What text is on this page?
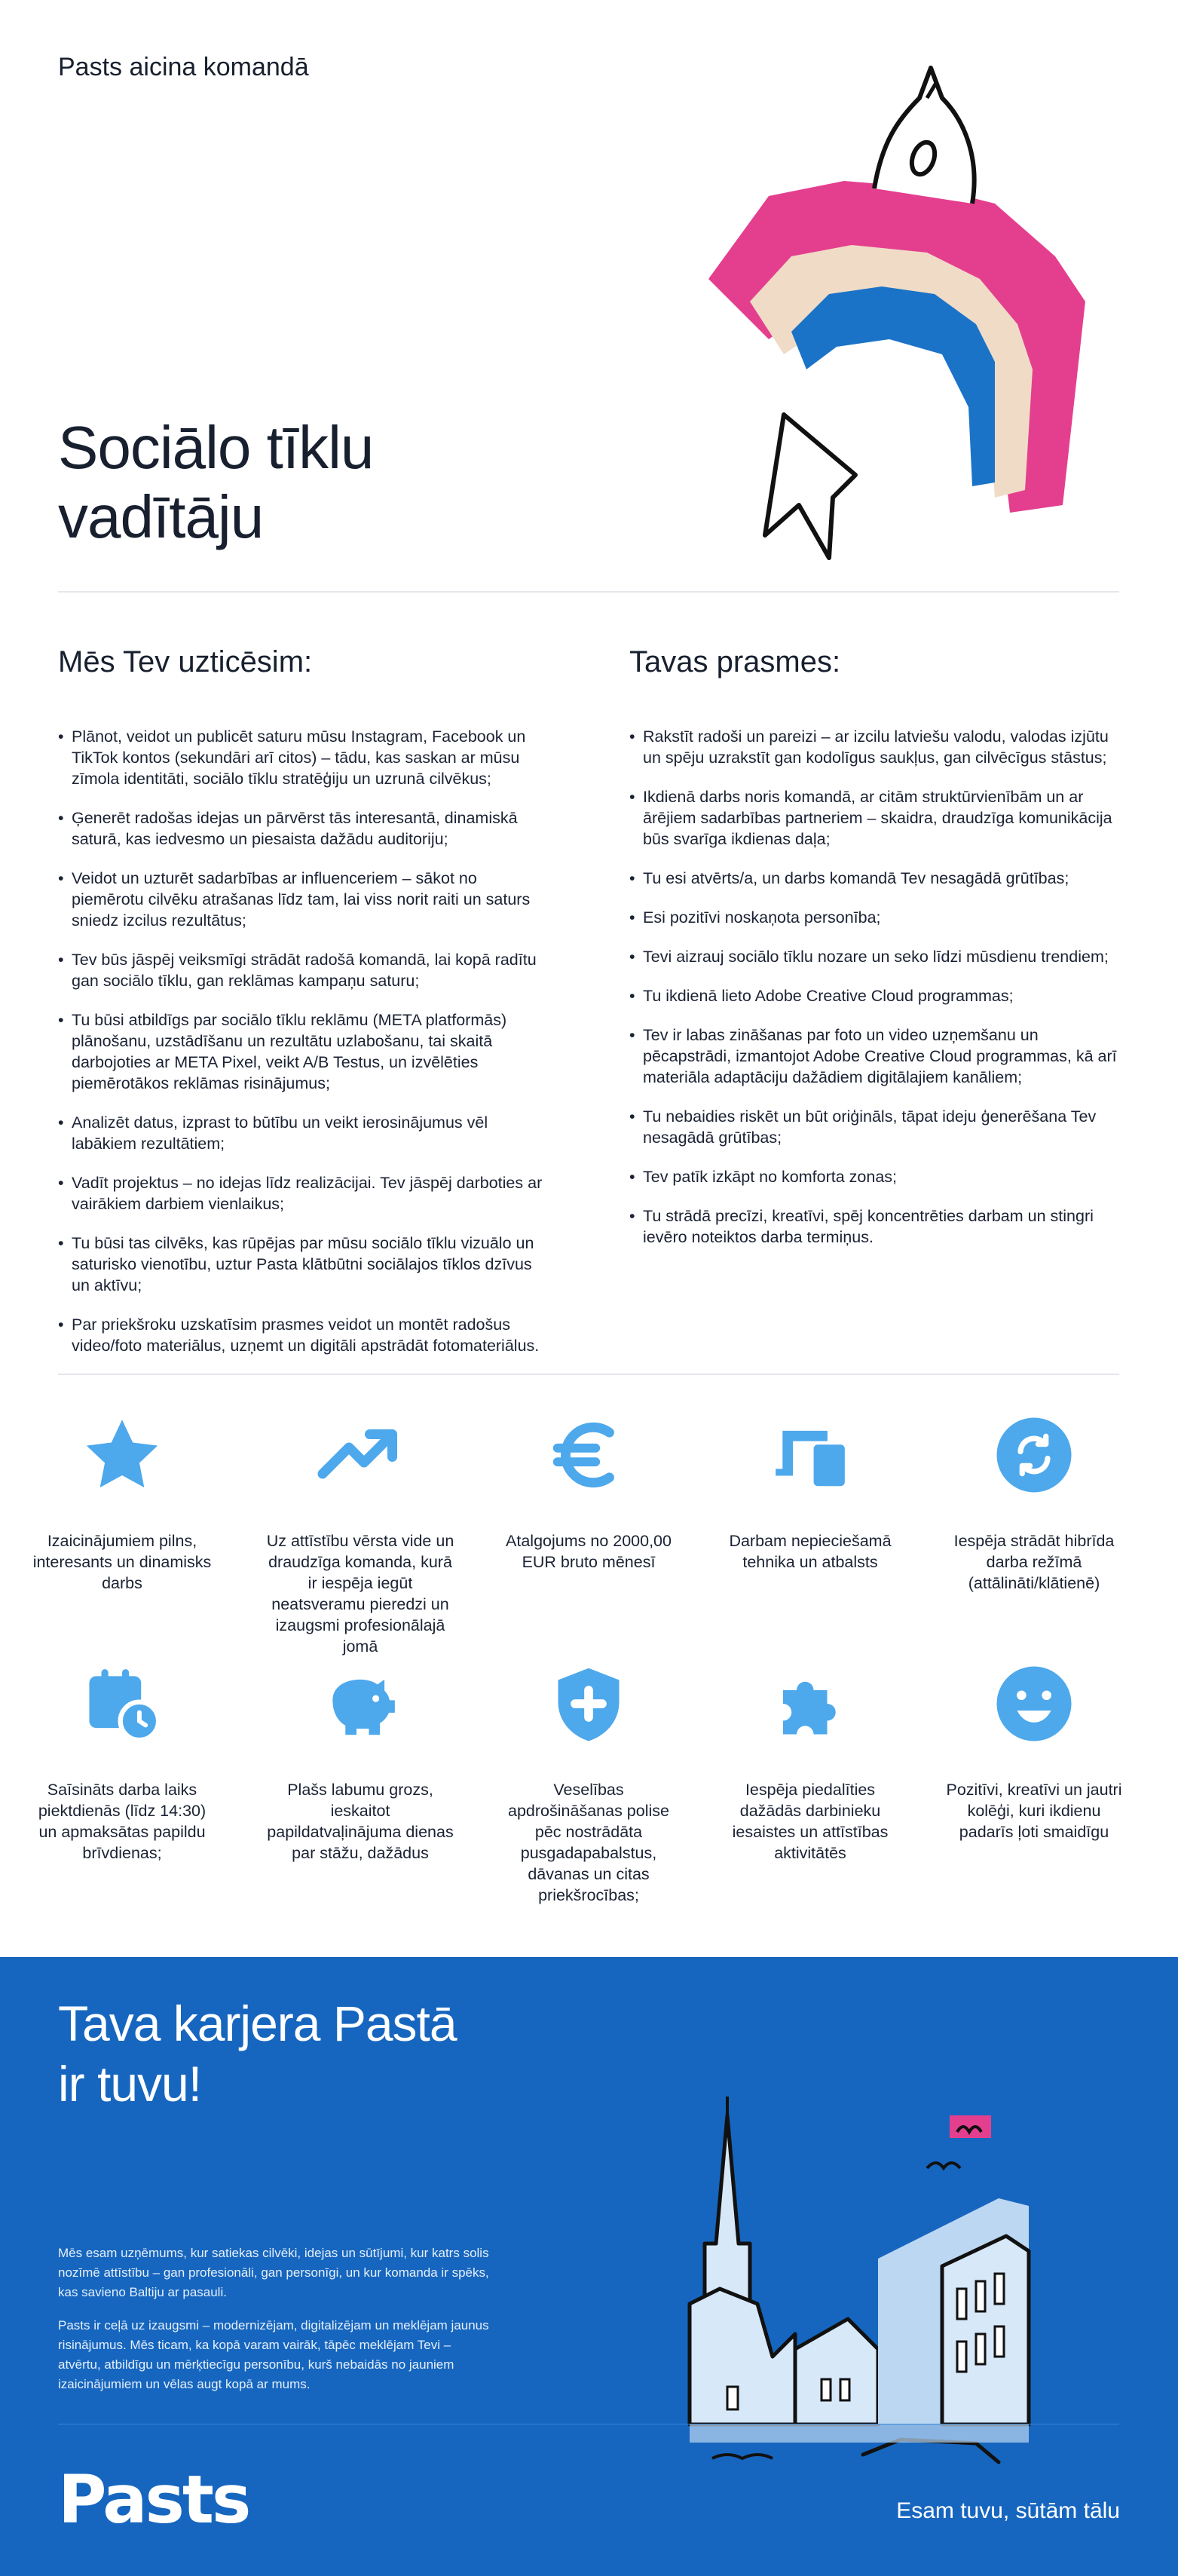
Pasts aicina komandā
Sociālo tīklu vadītāju
Mēs Tev uzticēsim:
• Plānot, veidot un publicēt saturu mūsu Instagram, Facebook un TikTok kontos (sekundāri arī citos) – tādu, kas saskan ar mūsu zīmola identitāti, sociālo tīklu stratēģiju un uzrunā cilvēkus;
• Ģenerēt radošas idejas un pārvērst tās interesantā, dinamiskā saturā, kas iedvesmo un piesaista dažādu auditoriju;
• Veidot un uzturēt sadarbības ar influenceriem – sākot no piemērotu cilvēku atrašanas līdz tam, lai viss norit raiti un saturs sniedz izcilus rezultātus;
• Tev būs jāspēj veiksmīgi strādāt radošā komandā, lai kopā radītu gan sociālo tīklu, gan reklāmas kampaņu saturu;
• Tu būsi atbildīgs par sociālo tīklu reklāmu (META platformās) plānošanu, uzstādīšanu un rezultātu uzlabošanu, tai skaitā darbojoties ar META Pixel, veikt A/B Testus, un izvēlēties piemērotākos reklāmas risinājumus;
• Analizēt datus, izprast to būtību un veikt ierosinājumus vēl labākiem rezultātiem;
• Vadīt projektus – no idejas līdz realizācijai. Tev jāspēj darboties ar vairākiem darbiem vienlaikus;
• Tu būsi tas cilvēks, kas rūpējas par mūsu sociālo tīklu vizuālo un saturisko vienotību, uztur Pasta klātbūtni sociālajos tīklos dzīvus un aktīvu;
• Par priekšroku uzskatīsim prasmes veidot un montēt radošus video/foto materiālus, uzņemt un digitāli apstrādāt fotomateriālus.
Tavas prasmes:
• Rakstīt radoši un pareizi – ar izcilu latviešu valodu, valodas izjūtu un spēju uzrakstīt gan kodolīgus saukļus, gan cilvēcīgus stāstus;
• Ikdienā darbs noris komandā, ar citām struktūrvienībām un ar ārējiem sadarbības partneriem – skaidra, draudzīga komunikācija būs svarīga ikdienas daļa;
• Tu esi atvērts/a, un darbs komandā Tev nesagādā grūtības;
• Esi pozitīvi noskaņota personība;
• Tevi aizrauj sociālo tīklu nozare un seko līdzi mūsdienu trendiem;
• Tu ikdienā lieto Adobe Creative Cloud programmas;
• Tev ir labas zināšanas par foto un video uzņemšanu un pēcapstrādi, izmantojot Adobe Creative Cloud programmas, kā arī materiāla adaptāciju dažādiem digitālajiem kanāliem;
• Tu nebaidies riskēt un būt oriģināls, tāpat ideju ģenerēšana Tev nesagādā grūtības;
• Tev patīk izkāpt no komforta zonas;
• Tu strādā precīzi, kreatīvi, spēj koncentrēties darbam un stingri ievēro noteiktos darba termiņus.
Izaicinājumiem pilns, interesants un dinamisks darbs
Uz attīstību vērsta vide un draudzīga komanda, kurā ir iespēja iegūt neatsveramu pieredzi un izaugsmi profesionālajā jomā
Atalgojums no 2000,00 EUR bruto mēnesī
Darbam nepieciešamā tehnika un atbalsts
Iespēja strādāt hibrīda darba režīmā (attālināti/klātienē)
Saīsināts darba laiks piektdienās (līdz 14:30) un apmaksātas papildu brīvdienas;
Plašs labumu grozs, ieskaitot papildatvaļinājuma dienas par stāžu, dažādus
Veselības apdrošināšanas polise pēc nostrādāta pusgadapabalstus, dāvanas un citas priekšrocības;
Iespēja piedalīties dažādās darbinieku iesaistes un attīstības aktivitātēs
Pozitīvi, kreatīvi un jautri kolēģi, kuri ikdienu padarīs ļoti smaidīgu
Tava karjera Pastā ir tuvu!

Mēs esam uzņēmums, kur satiekas cilvēki, idejas un sūtījumi, kur katrs solis nozīmē attīstību – gan profesionāli, gan personīgi, un kur komanda ir spēks, kas savieno Baltiju ar pasauli.

Pasts ir ceļā uz izaugsmi – modernizējam, digitalizējam un meklējam jaunus risinājumus. Mēs ticam, ka kopā varam vairāk, tāpēc meklējam Tevi – atvērtu, atbildīgu un mērķtiecīgu personību, kurš nebaidās no jauniem izaicinājumiem un vēlas augt kopā ar mums.

Pasts	Esam tuvu, sūtām tālu
